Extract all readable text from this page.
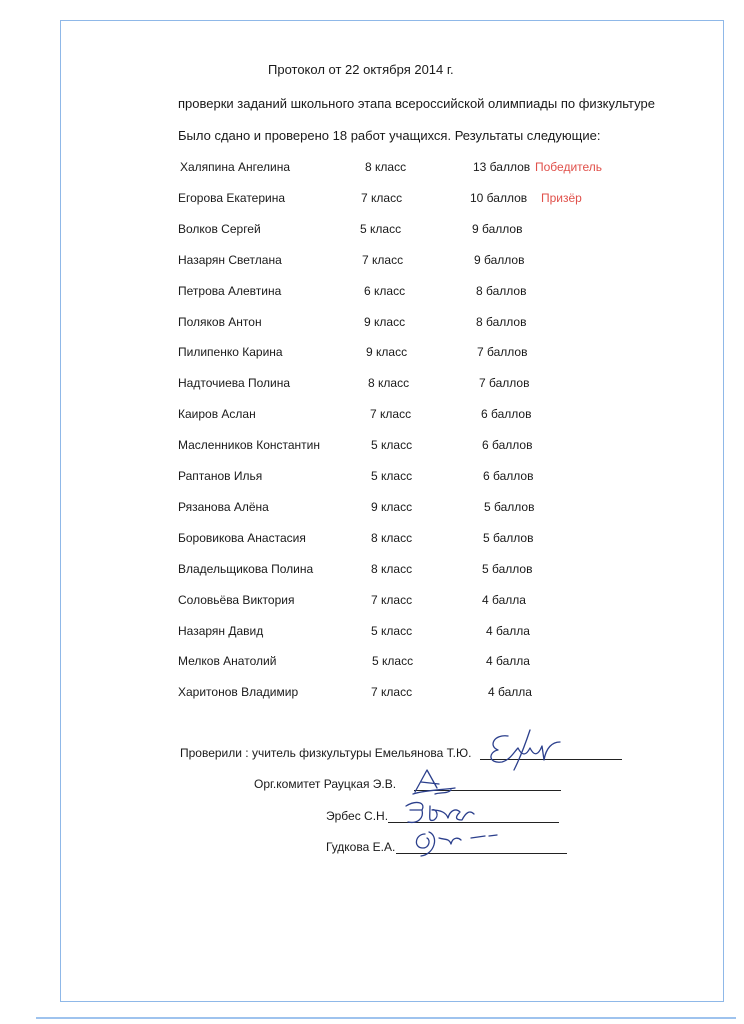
Протокол от 22 октября 2014 г.
проверки заданий школьного этапа всероссийской олимпиады по физкультуре
Было сдано и проверено 18 работ учащихся. Результаты следующие:
Халяпина Ангелина	8 класс	13 баллов Победитель
Егорова Екатерина	7 класс	10 баллов Призёр
Волков Сергей	5 класс	9 баллов
Назарян Светлана	7 класс	9 баллов
Петрова Алевтина	6 класс	8 баллов
Поляков Антон	9 класс	8 баллов
Пилипенко Карина	9 класс	7 баллов
Надточиева Полина	8 класс	7 баллов
Каиров Аслан	7 класс	6 баллов
Масленников Константин	5 класс	6 баллов
Раптанов Илья	5 класс	6 баллов
Рязанова Алёна	9 класс	5 баллов
Боровикова Анастасия	8 класс	5 баллов
Владельщикова Полина	8 класс	5 баллов
Соловьёва Виктория	7 класс	4 балла
Назарян Давид	5 класс	4 балла
Мелков Анатолий	5 класс	4 балла
Харитонов Владимир	7 класс	4 балла
Проверили : учитель физкультуры Емельянова Т.Ю.
Орг.комитет Рауцкая Э.В.
Эрбес С.Н.
Гудкова Е.А.
